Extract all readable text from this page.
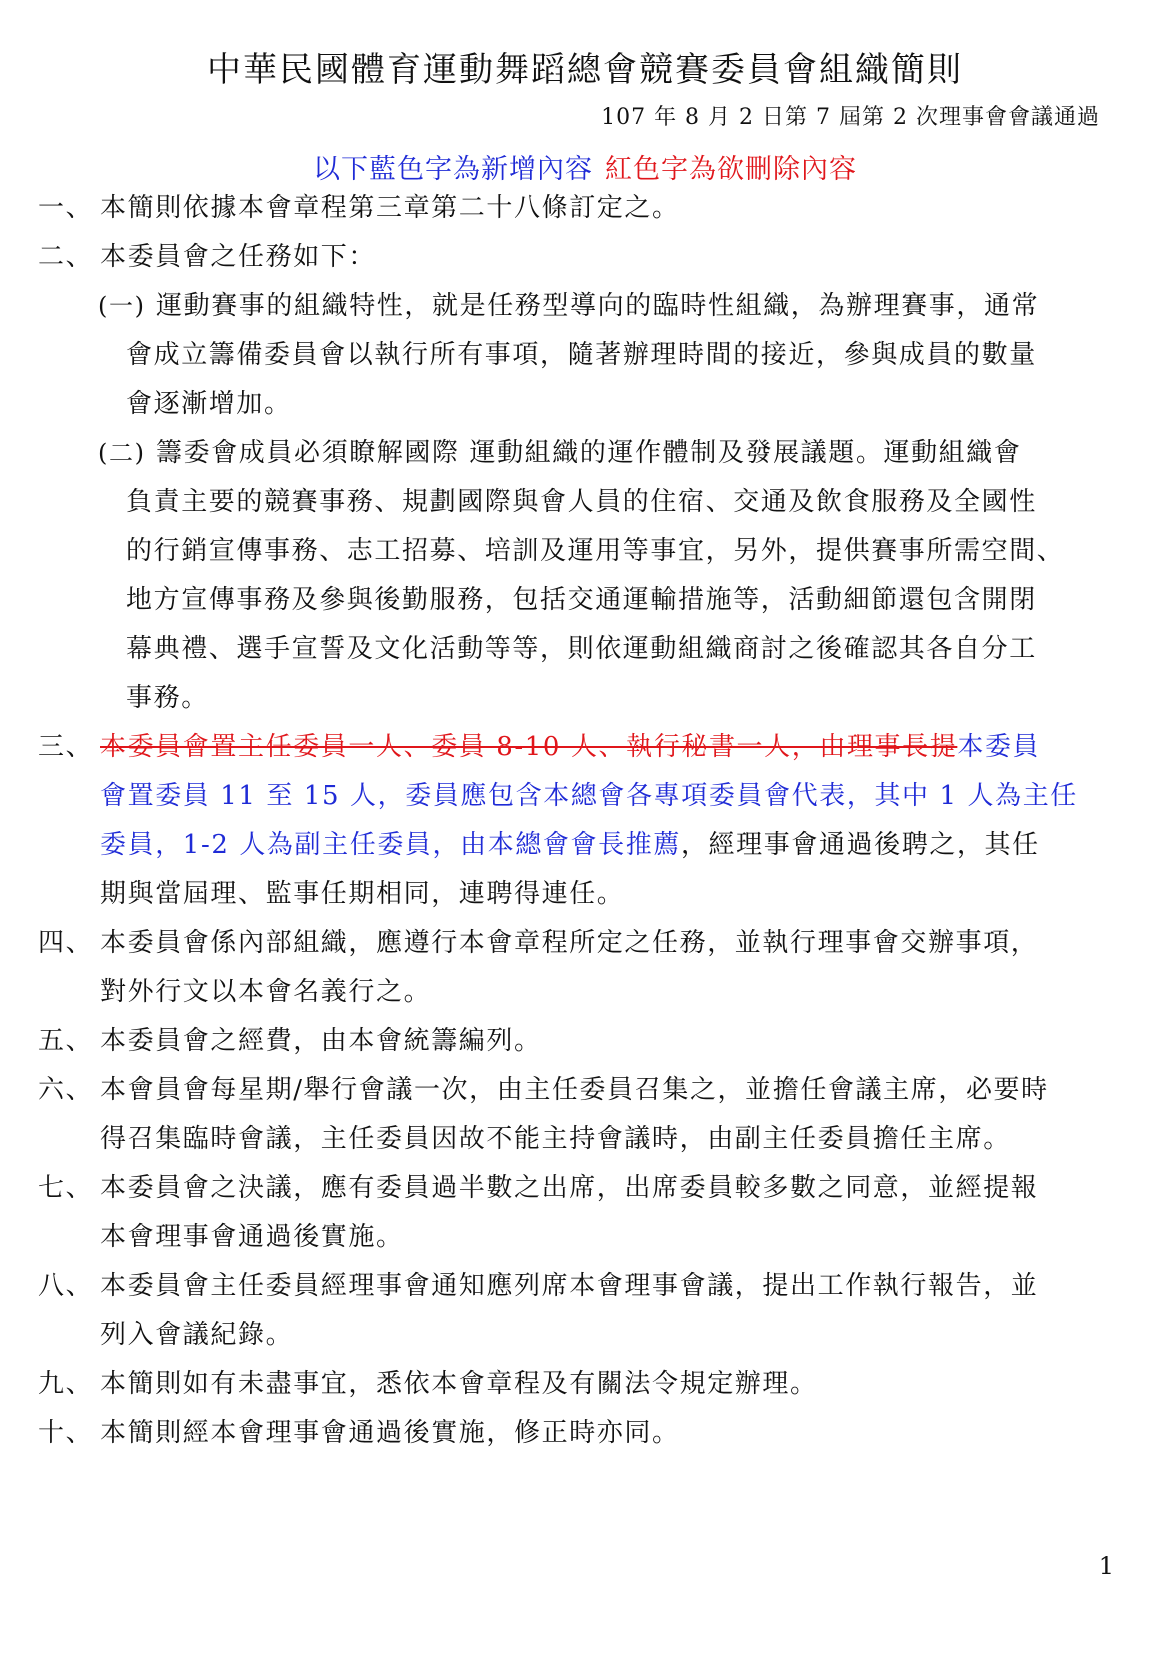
中華民國體育運動舞蹈總會競賽委員會組織簡則
107 年 8 月 2 日第 7 屆第 2 次理事會會議通過
以下藍色字為新增內容 紅色字為欲刪除內容
一、 本簡則依據本會章程第三章第二十八條訂定之。
二、 本委員會之任務如下：
(一) 運動賽事的組織特性，就是任務型導向的臨時性組織，為辦理賽事，通常
會成立籌備委員會以執行所有事項，隨著辦理時間的接近，參與成員的數量
會逐漸增加。
(二) 籌委會成員必須瞭解國際 運動組織的運作體制及發展議題。運動組織會
負責主要的競賽事務、規劃國際與會人員的住宿、交通及飲食服務及全國性
的行銷宣傳事務、志工招募、培訓及運用等事宜，另外，提供賽事所需空間、
地方宣傳事務及參與後勤服務，包括交通運輸措施等，活動細節還包含開閉
幕典禮、選手宣誓及文化活動等等，則依運動組織商討之後確認其各自分工
事務。
三、 本委員會置主任委員一人、委員 8-10 人、執行秘書一人，由理事長提本委員
會置委員 11 至 15 人，委員應包含本總會各專項委員會代表，其中 1 人為主任
委員，1-2 人為副主任委員，由本總會會長推薦，經理事會通過後聘之，其任
期與當屆理、監事任期相同，連聘得連任。
四、 本委員會係內部組織，應遵行本會章程所定之任務，並執行理事會交辦事項，
對外行文以本會名義行之。
五、 本委員會之經費，由本會統籌編列。
六、 本會員會每星期/舉行會議一次，由主任委員召集之，並擔任會議主席，必要時
得召集臨時會議，主任委員因故不能主持會議時，由副主任委員擔任主席。
七、 本委員會之決議，應有委員過半數之出席，出席委員較多數之同意，並經提報
本會理事會通過後實施。
八、 本委員會主任委員經理事會通知應列席本會理事會議，提出工作執行報告，並
列入會議紀錄。
九、 本簡則如有未盡事宜，悉依本會章程及有關法令規定辦理。
十、 本簡則經本會理事會通過後實施，修正時亦同。
1
